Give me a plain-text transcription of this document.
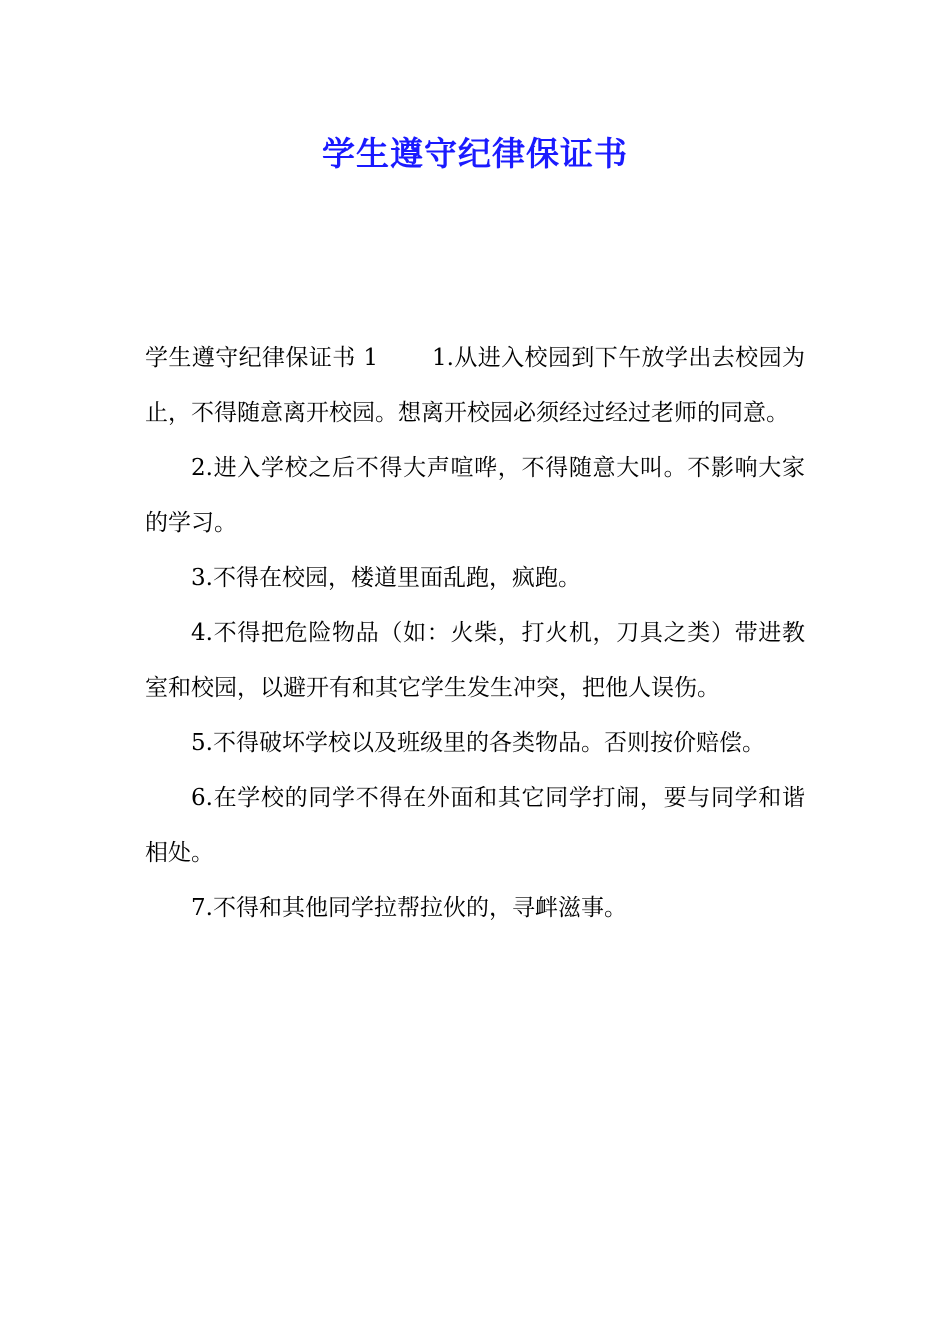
学生遵守纪律保证书

学生遵守纪律保证书 1 1.从进入校园到下午放学出去校园为止，不得随意离开校园。想离开校园必须经过经过老师的同意。

2.进入学校之后不得大声喧哗，不得随意大叫。不影响大家的学习。

3.不得在校园，楼道里面乱跑，疯跑。

4.不得把危险物品（如：火柴，打火机，刀具之类）带进教室和校园，以避开有和其它学生发生冲突，把他人误伤。

5.不得破坏学校以及班级里的各类物品。否则按价赔偿。

6.在学校的同学不得在外面和其它同学打闹，要与同学和谐相处。

7.不得和其他同学拉帮拉伙的，寻衅滋事。
